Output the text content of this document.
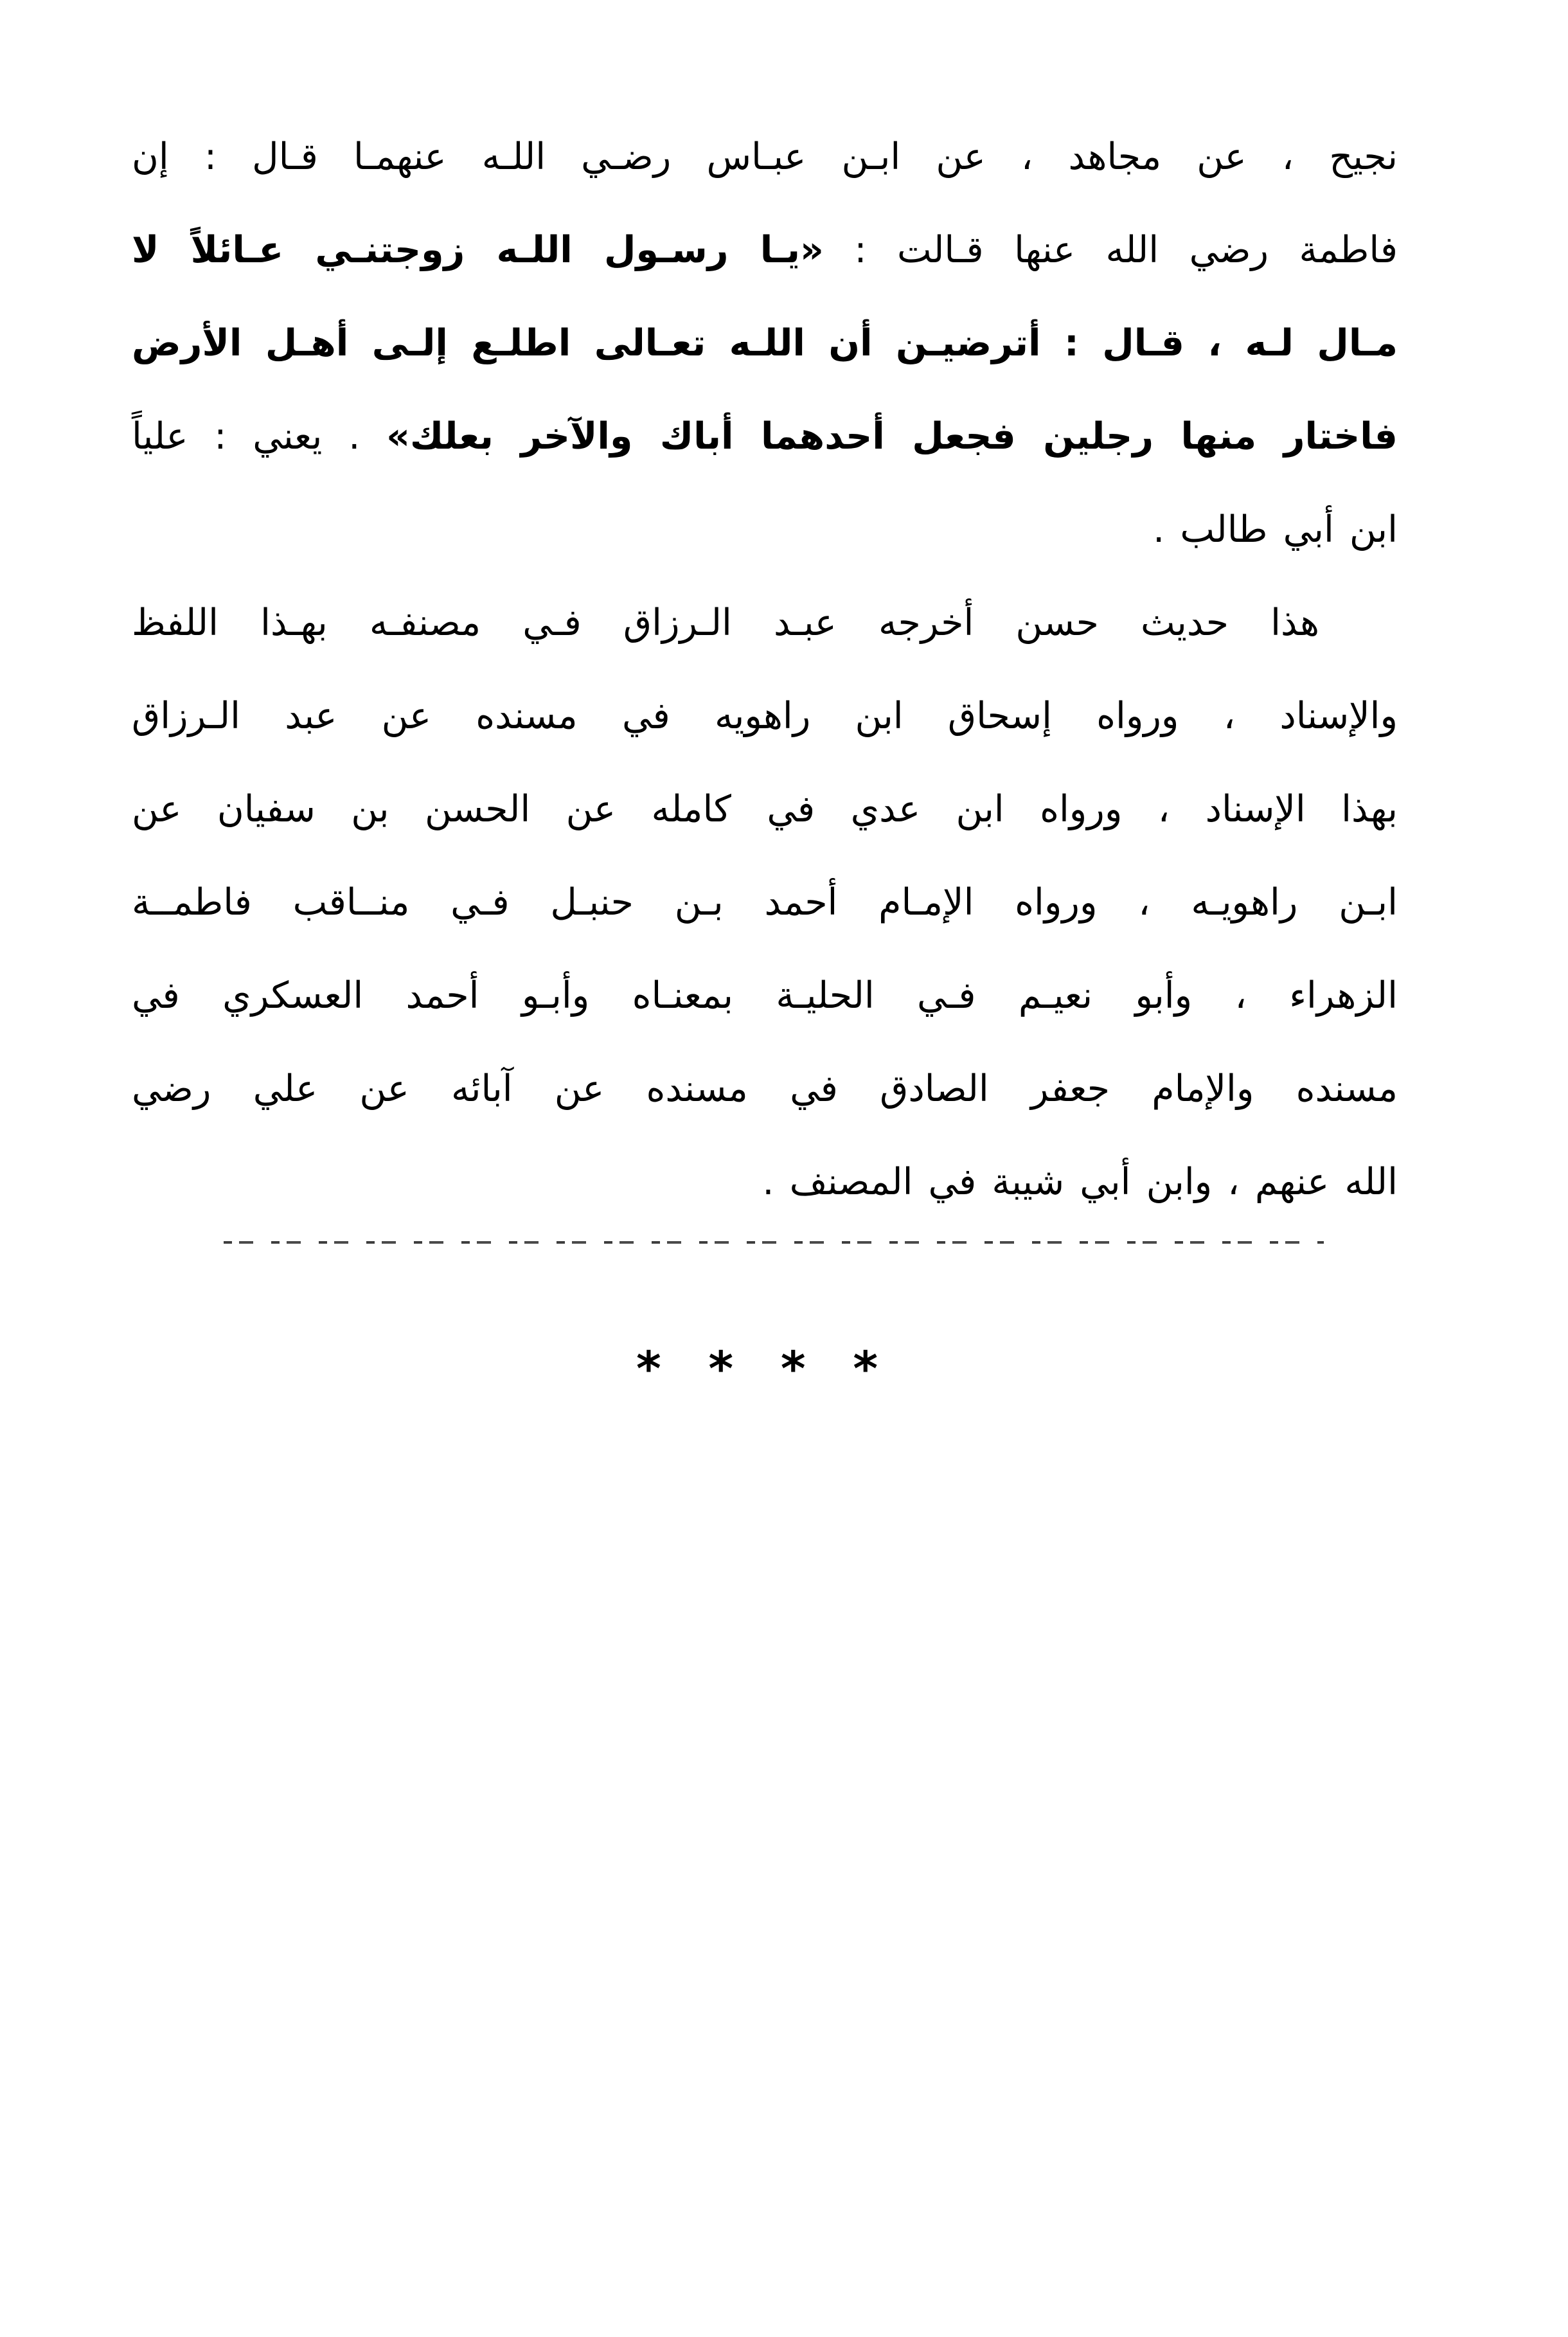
نجيح ، عن مجاهد ، عن ابـن عبـاس رضـي اللـه عنهمـا قـال : إن
فاطمة رضي الله عنها قـالت : «يـا رسـول اللـه زوجتنـي عـائلاً لا
مـال لـه ، قـال : أترضيـن أن اللـه تعـالى اطلـع إلـى أهـل الأرض
فاختار منها رجلين فجعل أحدهما أباك والآخر بعلك» . يعني : علياً
ابن أبي طالب .
هذا حديث حسن أخرجه عبـد الـرزاق فـي مصنفـه بهـذا اللفظ
والإسناد ، ورواه إسحاق ابن راهويه في مسنده عن عبد الـرزاق
بهذا الإسناد ، ورواه ابن عدي في كامله عن الحسن بن سفيان عن
ابـن راهويـه ، ورواه الإمـام أحمد بـن حنبـل فـي منــاقب فاطمــة
الزهراء ، وأبو نعيـم فـي الحليـة بمعنـاه وأبـو أحمد العسكري في
مسنده والإمام جعفر الصادق في مسنده عن آبائه عن علي رضي
الله عنهم ، وابن أبي شيبة في المصنف .
* * * *
